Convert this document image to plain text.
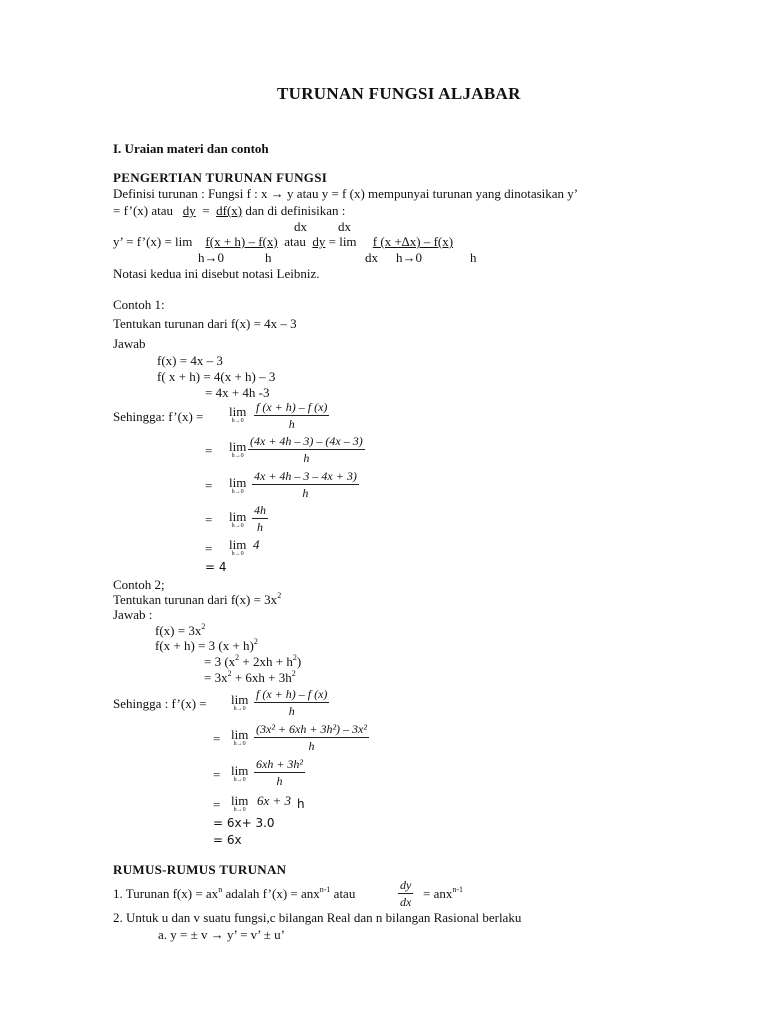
TURUNAN FUNGSI ALJABAR
I. Uraian materi dan contoh
PENGERTIAN TURUNAN FUNGSI
Definisi turunan : Fungsi f : x → y atau y = f (x) mempunyai turunan yang dinotasikan y’
= f’(x) atau dy = df(x) dan di definisikan :
dx dx
y’ = f’(x) = lim f(x + h) – f(x) atau dy = lim f (x +∆x) – f(x)
h→0	h	dx h→0	h
Notasi kedua ini disebut notasi Leibniz.
Contoh 1:
Tentukan turunan dari f(x) = 4x – 3
Jawab
f(x) = 4x – 3
f( x + h) = 4(x + h) – 3
= 4x + 4h -3
Sehingga: f’(x) = lim
h→0
f (x + h) – f (x)
h
= lim
h→0
(4x + 4h – 3) – (4x – 3)
h
= lim
h→0
4x + 4h – 3 – 4x + 3)
h
= lim
h→0
4h
h
= lim
h→0
4
= 4
Contoh 2;
Tentukan turunan dari $f(x) = 3x^2$
Jawab :
$f(x) = 3x^2$
f(x + h) = 3 $(x + h)^2$
= 3 $(x^2 + 2xh + h^2)$
= $3x^2 + 6xh + 3h^2$
Sehingga : f’(x) = lim
h→0
f (x + h) – f (x)
h
= lim
h→0
(3x² + 6xh + 3h²) – 3x²
h
= lim
h→0
6xh + 3h²
h
= lim
h→0
6x + 3 h
= 6x+ 3.0
= 6x
RUMUS-RUMUS TURUNAN
1. Turunan $f(x) = ax^n$ adalah f’(x) = anx$^{n-1}$ atau
dy
dx
= anx$^{n-1}$
2. Untuk u dan v suatu fungsi,c bilangan Real dan n bilangan Rasional berlaku
a. y = ± v → y’ = v’ ± u’
